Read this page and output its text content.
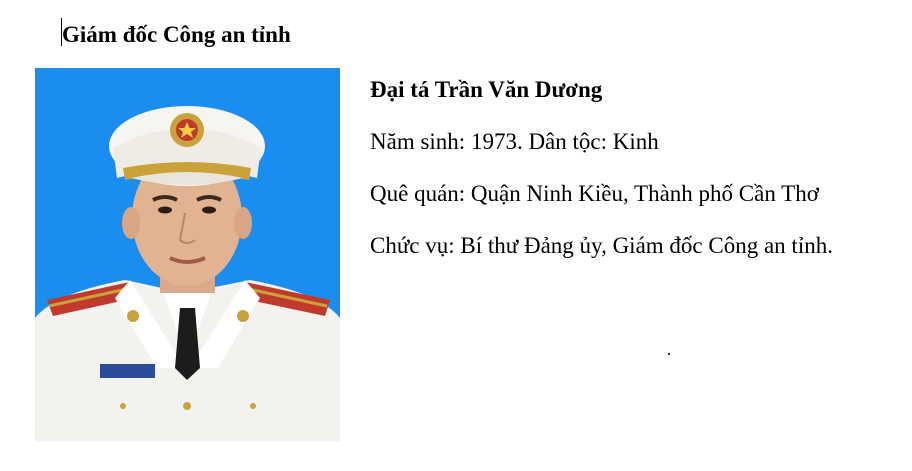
Giám đốc Công an tỉnh

Đại tá Trần Văn Dương

Năm sinh: 1973. Dân tộc: Kinh

Quê quán: Quận Ninh Kiều, Thành phố Cần Thơ

Chức vụ: Bí thư Đảng ủy, Giám đốc Công an tỉnh.
